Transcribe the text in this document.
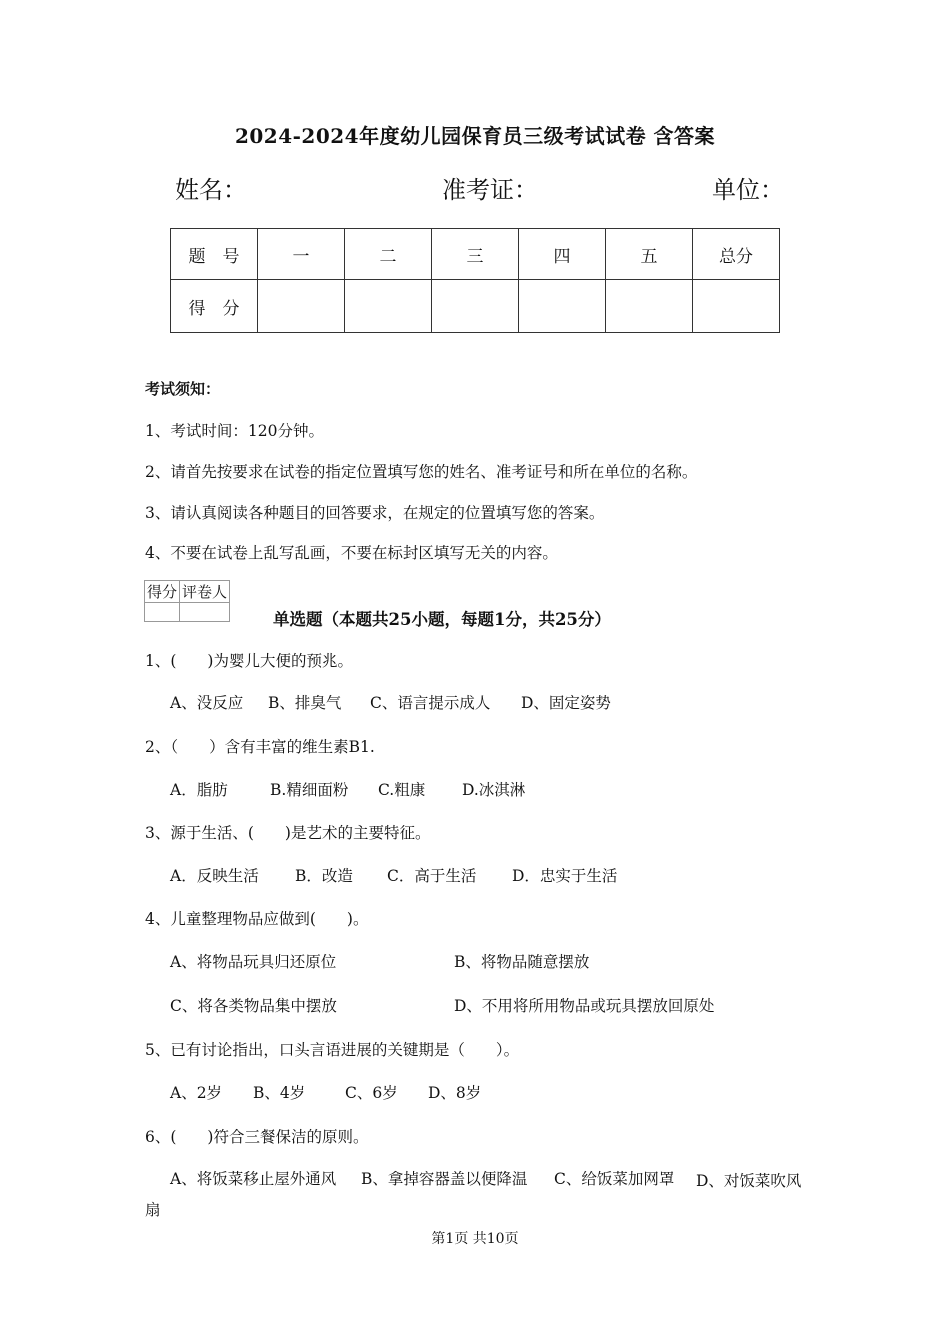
2024-2024年度幼儿园保育员三级考试试卷 含答案
姓名：	准考证：	单位：
题　号	一	二	三	四	五	总分
得　分						
考试须知：
1、考试时间：120分钟。
2、请首先按要求在试卷的指定位置填写您的姓名、准考证号和所在单位的名称。
3、请认真阅读各种题目的回答要求，在规定的位置填写您的答案。
4、不要在试卷上乱写乱画，不要在标封区填写无关的内容。
得分	评卷人

单选题（本题共25小题，每题1分，共25分）
1、(　　)为婴儿大便的预兆。
A、没反应 B、排臭气 C、语言提示成人 D、固定姿势
2、（　　）含有丰富的维生素B1.
A．脂肪	B.精细面粉 C.粗康 D.冰淇淋
3、源于生活、(　　)是艺术的主要特征。
A．反映生活 B．改造 C．高于生活 D．忠实于生活
4、儿童整理物品应做到(　　)。
A、将物品玩具归还原位	B、将物品随意摆放
C、将各类物品集中摆放	D、不用将所用物品或玩具摆放回原处
5、已有讨论指出，口头言语进展的关键期是（　　）。
A、2岁 B、4岁	C、6岁 D、8岁
6、(　　)符合三餐保洁的原则。
A、将饭菜移止屋外通风 B、拿掉容器盖以便降温 C、给饭菜加网罩	D、对饭菜吹风扇
第1页 共10页
